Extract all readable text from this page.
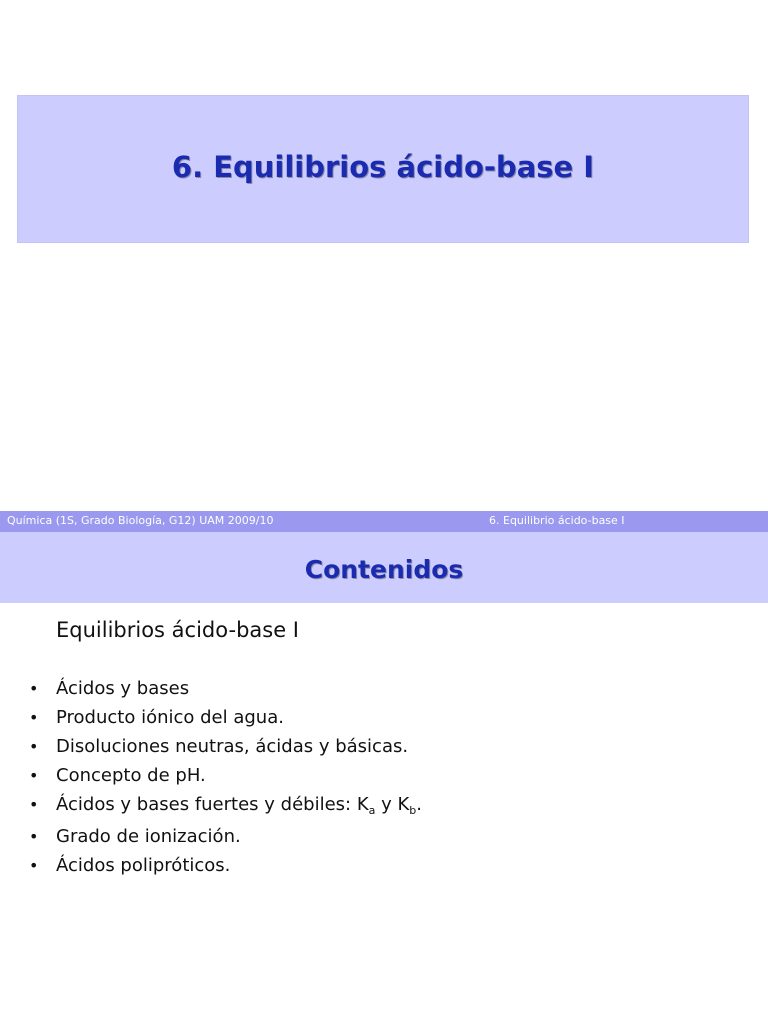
6. Equilibrios ácido-base I
Química (1S, Grado Biología, G12) UAM 2009/10	6. Equilibrio ácido-base I
Contenidos
Equilibrios ácido-base I
• Ácidos y bases
• Producto iónico del agua.
• Disoluciones neutras, ácidas y básicas.
• Concepto de pH.
• Ácidos y bases fuertes y débiles: $K_a$ y $K_b$.
• Grado de ionización.
• Ácidos polipróticos.
